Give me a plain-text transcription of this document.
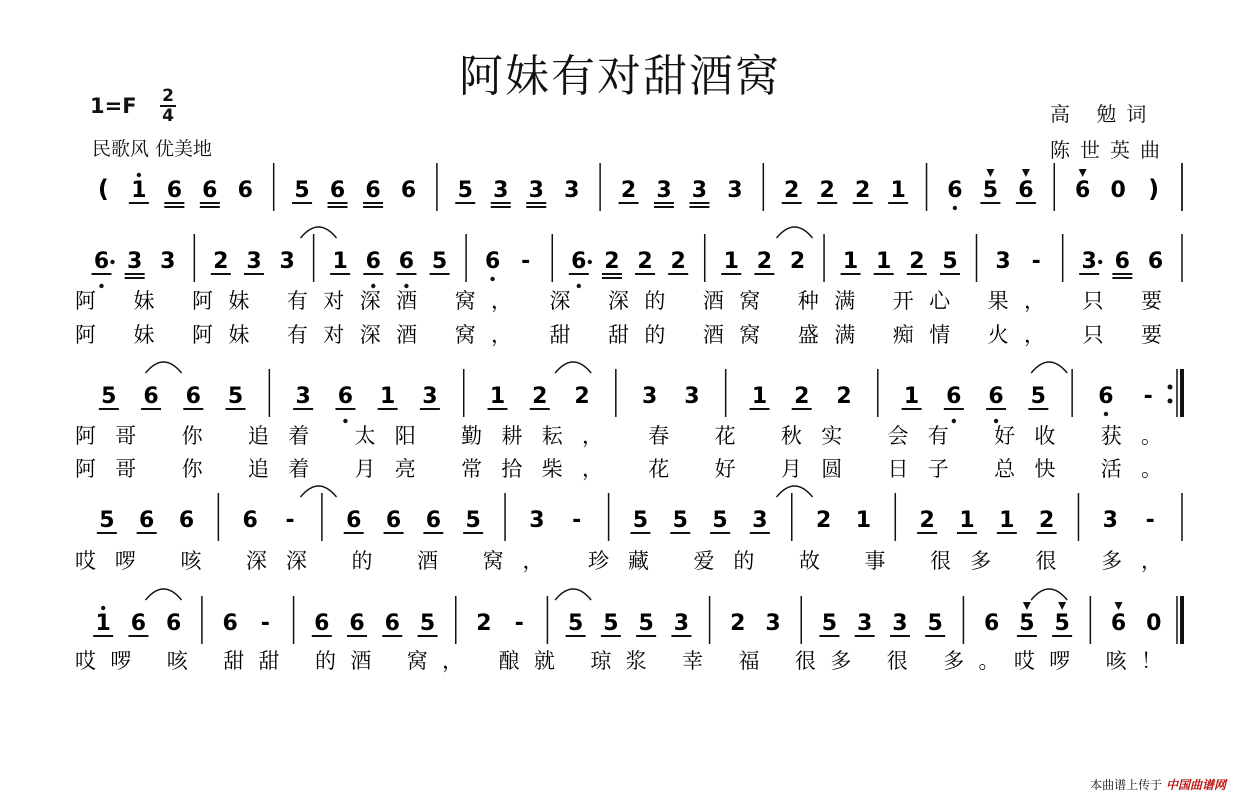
阿妹有对甜酒窝
1=F 2
4
民歌风 优美地
高 勉词
陈世英曲
( 1 6 6 6 5 6 6 6 5 3 3 3 2 3 3 3 2 2 2 1 6 5 6 6 0 )
6 3 3 2 3 3 1 6 6 5 6 - 6 2 2 2 1 2 2 1 1 2 5 3 - 3 6 6
阿 妹 阿妹 有对深酒 窝， 深 深的 酒窝 种满 开心 果， 只 要
阿 妹 阿妹 有对深酒 窝， 甜 甜的 酒窝 盛满 痴情 火， 只 要
5 6 6 5 3 6 1 3 1 2 2 3 3 1 2 2 1 6 6 5 6 -
阿哥 你 追着 太阳 勤耕耘， 春 花 秋实 会有 好收 获。
阿哥 你 追着 月亮 常拾柴， 花 好 月圆 日子 总快 活。
5 6 6 6 - 6 6 6 5 3 - 5 5 5 3 2 1 2 1 1 2 3 -
哎啰 咳 深深 的 酒 窝， 珍藏 爱的 故 事 很多 很 多，
1 6 6 6 - 6 6 6 5 2 - 5 5 5 3 2 3 5 3 3 5 6 5 5 6 0
哎啰 咳 甜甜 的酒 窝， 酿就 琼浆 幸 福 很多 很 多。哎啰 咳！
本曲谱上传于 中国曲谱网
